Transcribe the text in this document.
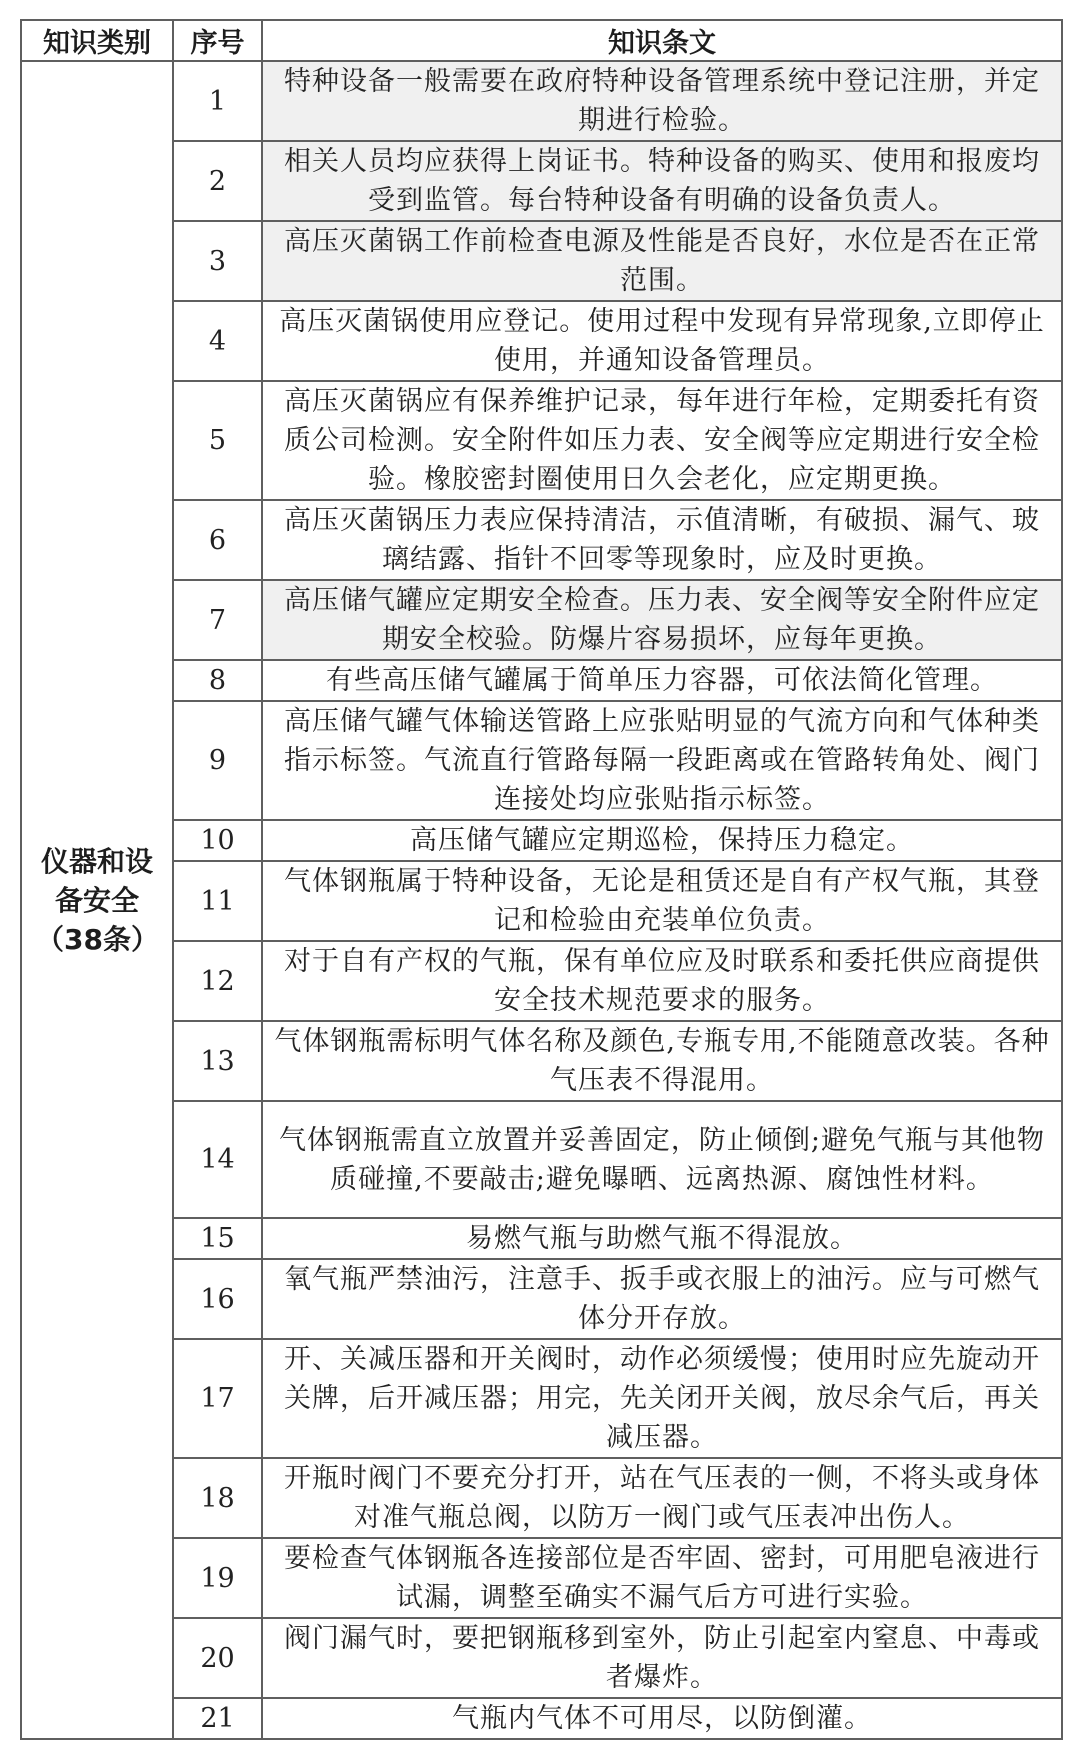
知识类别	序号	知识条文
仪器和设备安全（38条）	1	特种设备一般需要在政府特种设备管理系统中登记注册，并定期进行检验。
	2	相关人员均应获得上岗证书。特种设备的购买、使用和报废均受到监管。每台特种设备有明确的设备负责人。
	3	高压灭菌锅工作前检查电源及性能是否良好，水位是否在正常范围。
	4	高压灭菌锅使用应登记。使用过程中发现有异常现象,立即停止使用，并通知设备管理员。
	5	高压灭菌锅应有保养维护记录，每年进行年检，定期委托有资质公司检测。安全附件如压力表、安全阀等应定期进行安全检验。橡胶密封圈使用日久会老化，应定期更换。
	6	高压灭菌锅压力表应保持清洁，示值清晰，有破损、漏气、玻璃结露、指针不回零等现象时，应及时更换。
	7	高压储气罐应定期安全检查。压力表、安全阀等安全附件应定期安全校验。防爆片容易损坏，应每年更换。
	8	有些高压储气罐属于简单压力容器，可依法简化管理。
	9	高压储气罐气体输送管路上应张贴明显的气流方向和气体种类指示标签。气流直行管路每隔一段距离或在管路转角处、阀门连接处均应张贴指示标签。
	10	高压储气罐应定期巡检，保持压力稳定。
	11	气体钢瓶属于特种设备，无论是租赁还是自有产权气瓶，其登记和检验由充装单位负责。
	12	对于自有产权的气瓶，保有单位应及时联系和委托供应商提供安全技术规范要求的服务。
	13	气体钢瓶需标明气体名称及颜色,专瓶专用,不能随意改装。各种气压表不得混用。
	14	气体钢瓶需直立放置并妥善固定，防止倾倒;避免气瓶与其他物质碰撞,不要敲击;避免曝晒、远离热源、腐蚀性材料。
	15	易燃气瓶与助燃气瓶不得混放。
	16	氧气瓶严禁油污，注意手、扳手或衣服上的油污。应与可燃气体分开存放。
	17	开、关减压器和开关阀时，动作必须缓慢；使用时应先旋动开关牌，后开减压器；用完，先关闭开关阀，放尽余气后，再关减压器。
	18	开瓶时阀门不要充分打开，站在气压表的一侧，不将头或身体对准气瓶总阀，以防万一阀门或气压表冲出伤人。
	19	要检查气体钢瓶各连接部位是否牢固、密封，可用肥皂液进行试漏，调整至确实不漏气后方可进行实验。
	20	阀门漏气时，要把钢瓶移到室外，防止引起室内窒息、中毒或者爆炸。
	21	气瓶内气体不可用尽，以防倒灌。
